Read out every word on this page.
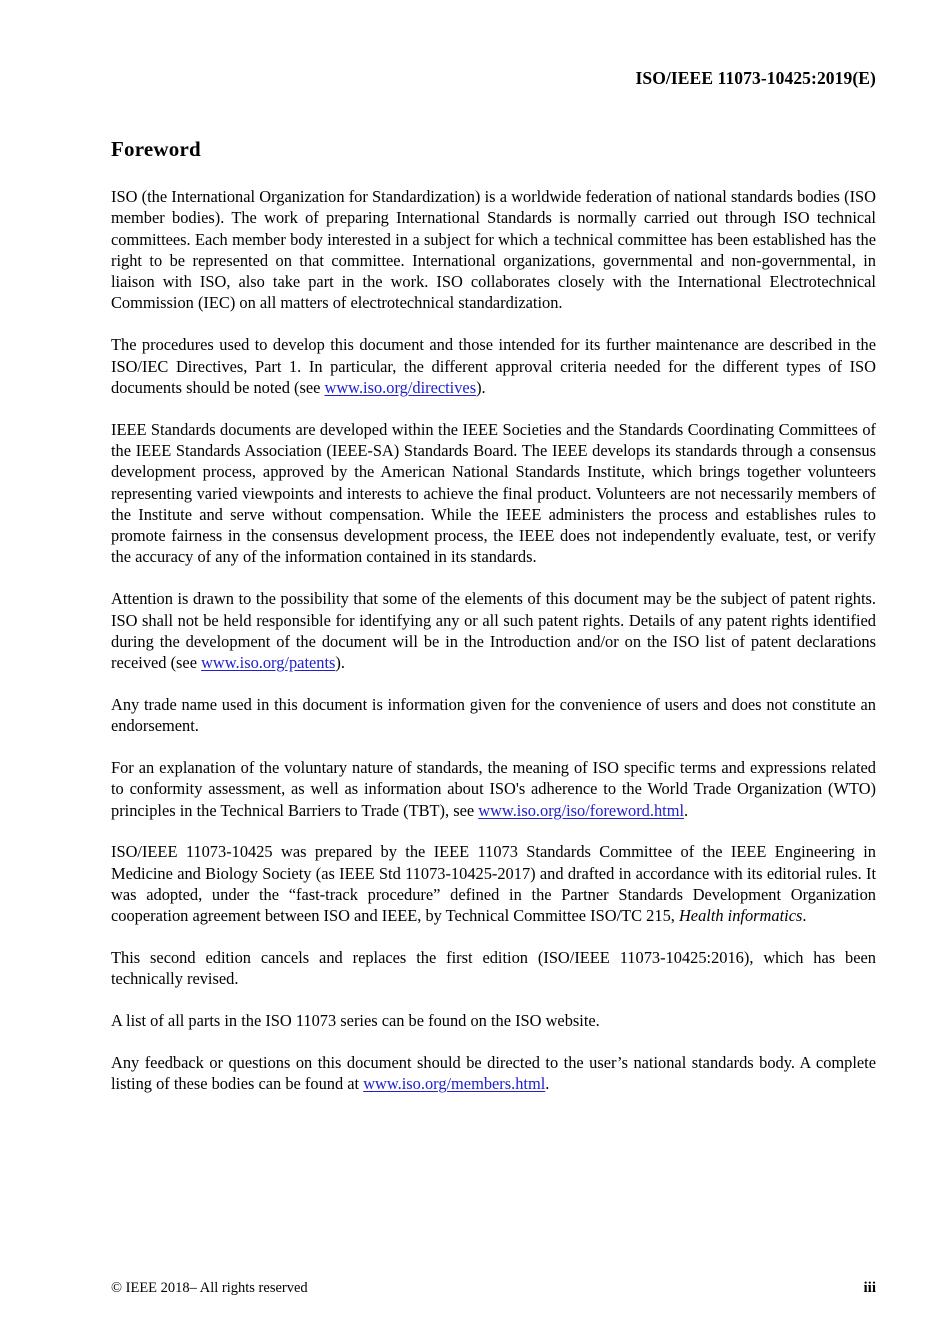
ISO/IEEE 11073-10425:2019(E)
Foreword

ISO (the International Organization for Standardization) is a worldwide federation of national standards bodies (ISO member bodies). The work of preparing International Standards is normally carried out through ISO technical committees. Each member body interested in a subject for which a technical committee has been established has the right to be represented on that committee. International organizations, governmental and non-governmental, in liaison with ISO, also take part in the work. ISO collaborates closely with the International Electrotechnical Commission (IEC) on all matters of electrotechnical standardization.

The procedures used to develop this document and those intended for its further maintenance are described in the ISO/IEC Directives, Part 1. In particular, the different approval criteria needed for the different types of ISO documents should be noted (see www.iso.org/directives).

IEEE Standards documents are developed within the IEEE Societies and the Standards Coordinating Committees of the IEEE Standards Association (IEEE-SA) Standards Board. The IEEE develops its standards through a consensus development process, approved by the American National Standards Institute, which brings together volunteers representing varied viewpoints and interests to achieve the final product. Volunteers are not necessarily members of the Institute and serve without compensation. While the IEEE administers the process and establishes rules to promote fairness in the consensus development process, the IEEE does not independently evaluate, test, or verify the accuracy of any of the information contained in its standards.

Attention is drawn to the possibility that some of the elements of this document may be the subject of patent rights. ISO shall not be held responsible for identifying any or all such patent rights. Details of any patent rights identified during the development of the document will be in the Introduction and/or on the ISO list of patent declarations received (see www.iso.org/patents).

Any trade name used in this document is information given for the convenience of users and does not constitute an endorsement.

For an explanation of the voluntary nature of standards, the meaning of ISO specific terms and expressions related to conformity assessment, as well as information about ISO's adherence to the World Trade Organization (WTO) principles in the Technical Barriers to Trade (TBT), see www.iso.org/iso/foreword.html.

ISO/IEEE 11073-10425 was prepared by the IEEE 11073 Standards Committee of the IEEE Engineering in Medicine and Biology Society (as IEEE Std 11073-10425-2017) and drafted in accordance with its editorial rules. It was adopted, under the “fast-track procedure” defined in the Partner Standards Development Organization cooperation agreement between ISO and IEEE, by Technical Committee ISO/TC 215, Health informatics.

This second edition cancels and replaces the first edition (ISO/IEEE 11073-10425:2016), which has been technically revised.

A list of all parts in the ISO 11073 series can be found on the ISO website.

Any feedback or questions on this document should be directed to the user’s national standards body. A complete listing of these bodies can be found at www.iso.org/members.html.

© IEEE 2018– All rights reserved	iii
